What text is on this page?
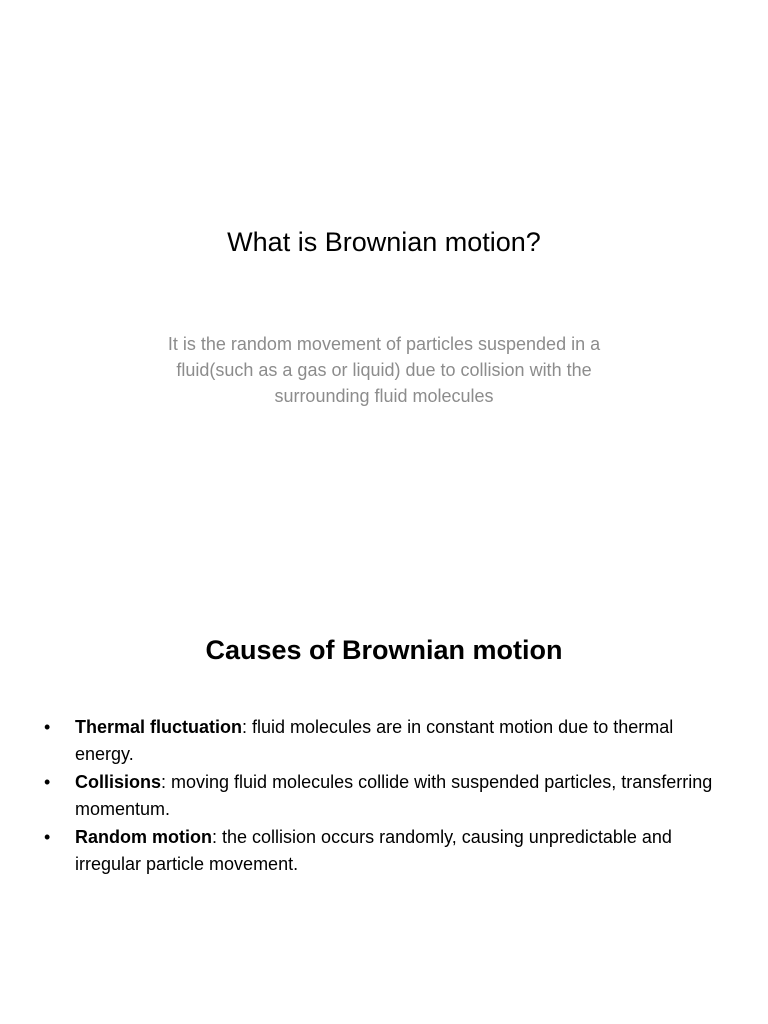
What is Brownian motion?

It is the random movement of particles suspended in a fluid(such as a gas or liquid) due to collision with the surrounding fluid molecules

Causes of Brownian motion
• Thermal fluctuation: fluid molecules are in constant motion due to thermal energy.
• Collisions: moving fluid molecules collide with suspended particles, transferring momentum.
• Random motion: the collision occurs randomly, causing unpredictable and irregular particle movement.
